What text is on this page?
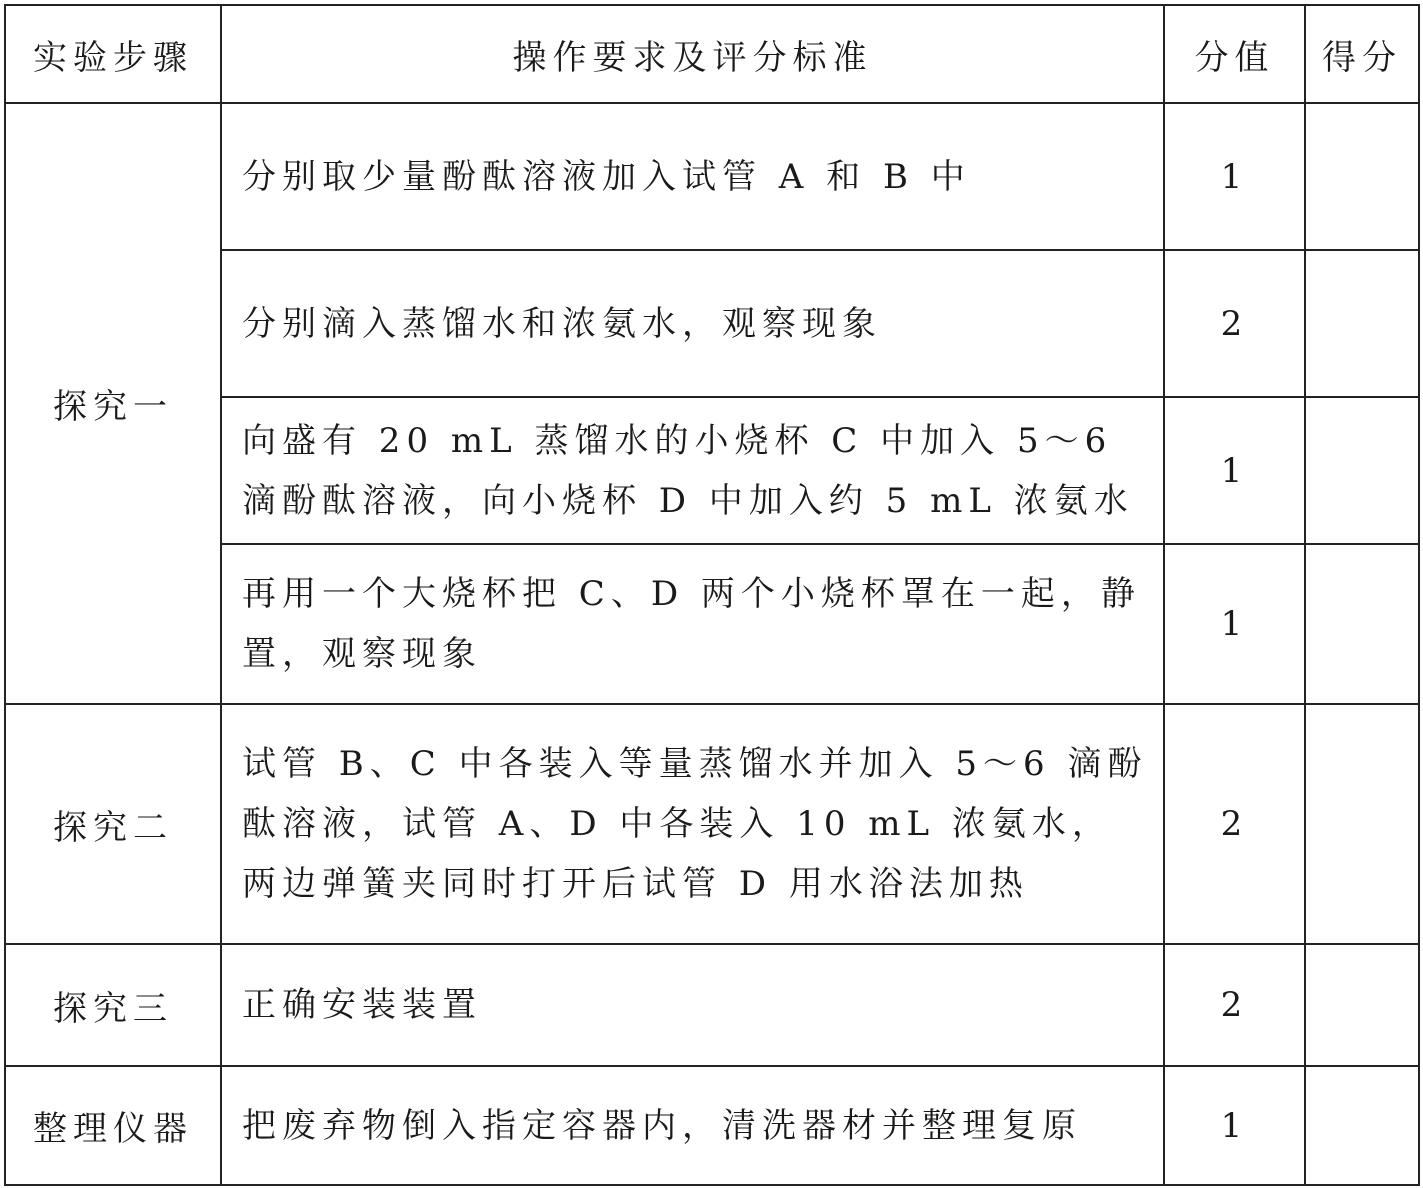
实验步骤	操作要求及评分标准	分值	得分
探究一	分别取少量酚酞溶液加入试管 A 和 B 中	1	
	分别滴入蒸馏水和浓氨水，观察现象	2	
	向盛有 20 mL 蒸馏水的小烧杯 C 中加入 5～6 滴酚酞溶液，向小烧杯 D 中加入约 5 mL 浓氨水	1	
	再用一个大烧杯把 C、D 两个小烧杯罩在一起，静置，观察现象	1	
探究二	试管 B、C 中各装入等量蒸馏水并加入 5～6 滴酚酞溶液，试管 A、D 中各装入 10 mL 浓氨水，两边弹簧夹同时打开后试管 D 用水浴法加热	2	
探究三	正确安装装置	2	
整理仪器	把废弃物倒入指定容器内，清洗器材并整理复原	1	
